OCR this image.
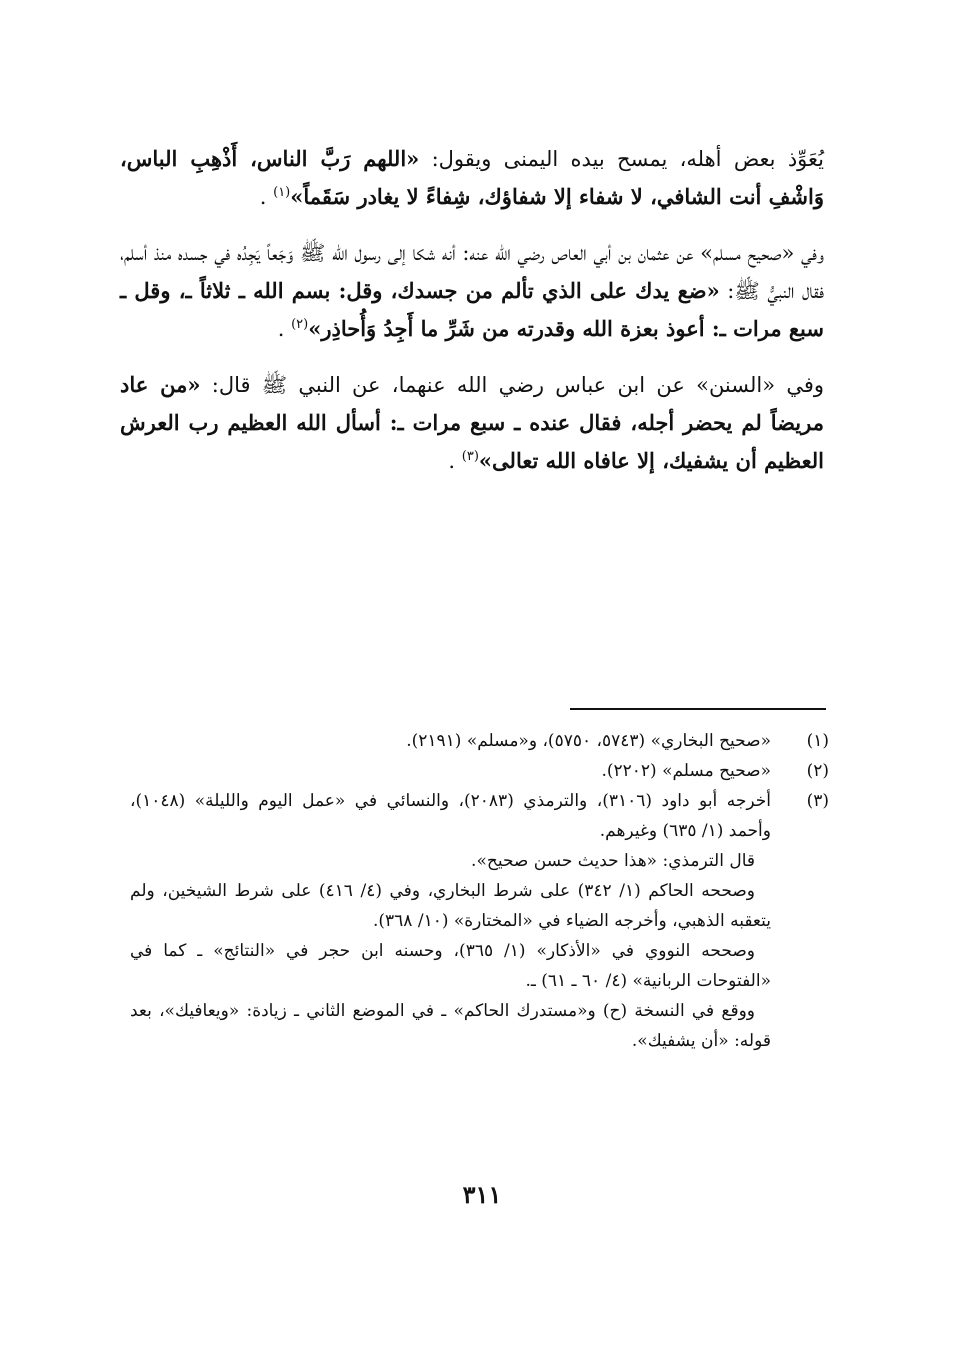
يُعَوِّذ بعض أهله، يمسح بيده اليمنى ويقول: «اللهم رَبَّ الناس، أَذْهِبِ الباس، وَاشْفِ أنت الشافي، لا شفاء إلا شفاؤك، شِفاءً لا يغادر سَقَماً»$^{(١)}$ .

وفي «صحيح مسلم» عن عثمان بن أبي العاص رضي الله عنه: أنه شكا إلى رسول الله ﷺ وَجَعاً يَجِدُه في جسده منذ أسلم، فقال النبيُّ ﷺ: «ضع يدك على الذي تألم من جسدك، وقل: بسم الله ـ ثلاثاً ـ، وقل ـ سبع مرات ـ: أعوذ بعزة الله وقدرته من شَرِّ ما أَجِدُ وَأُحاذِر»$^{(٢)}$ .

وفي «السنن» عن ابن عباس رضي الله عنهما، عن النبي ﷺ قال: «من عاد مريضاً لم يحضر أجله، فقال عنده ـ سبع مرات ـ: أسأل الله العظيم رب العرش العظيم أن يشفيك، إلا عافاه الله تعالى»$^{(٣)}$ .

(١)
«صحيح البخاري» (٥٧٤٣، ٥٧٥٠)، و«مسلم» (٢١٩١).
(٢)
«صحيح مسلم» (٢٢٠٢).
(٣)
أخرجه أبو داود (٣١٠٦)، والترمذي (٢٠٨٣)، والنسائي في «عمل اليوم والليلة» (١٠٤٨)، وأحمد (١/ ٦٣٥) وغيرهم.
قال الترمذي: «هذا حديث حسن صحيح».
وصححه الحاكم (١/ ٣٤٢) على شرط البخاري، وفي (٤/ ٤١٦) على شرط الشيخين، ولم يتعقبه الذهبي، وأخرجه الضياء في «المختارة» (١٠/ ٣٦٨).
وصححه النووي في «الأذكار» (١/ ٣٦٥)، وحسنه ابن حجر في «النتائج» ـ كما في «الفتوحات الربانية» (٤/ ٦٠ ـ ٦١) ـ.
ووقع في النسخة (ح) و«مستدرك الحاكم» ـ في الموضع الثاني ـ زيادة: «ويعافيك»، بعد قوله: «أن يشفيك».
٣١١
